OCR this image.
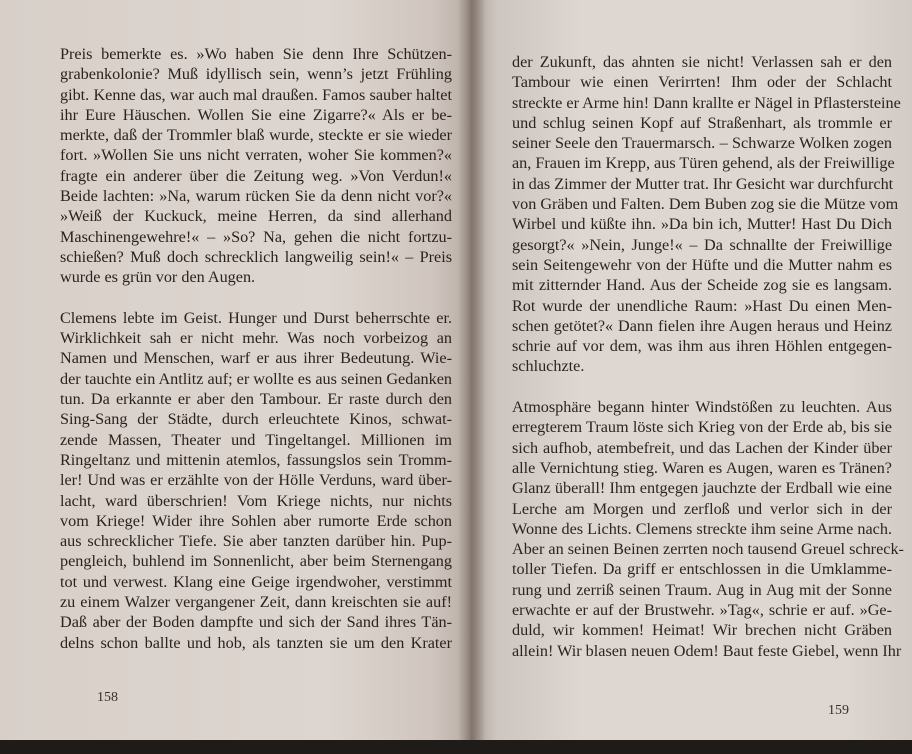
Preis bemerkte es. »Wo haben Sie denn Ihre Schützen-
grabenkolonie? Muß idyllisch sein, wenn’s jetzt Frühling
gibt. Kenne das, war auch mal draußen. Famos sauber haltet
ihr Eure Häuschen. Wollen Sie eine Zigarre?« Als er be-
merkte, daß der Trommler blaß wurde, steckte er sie wieder
fort. »Wollen Sie uns nicht verraten, woher Sie kommen?«
fragte ein anderer über die Zeitung weg. »Von Verdun!«
Beide lachten: »Na, warum rücken Sie da denn nicht vor?«
»Weiß der Kuckuck, meine Herren, da sind allerhand
Maschinengewehre!« – »So? Na, gehen die nicht fortzu-
schießen? Muß doch schrecklich langweilig sein!« – Preis
wurde es grün vor den Augen.
Clemens lebte im Geist. Hunger und Durst beherrschte er.
Wirklichkeit sah er nicht mehr. Was noch vorbeizog an
Namen und Menschen, warf er aus ihrer Bedeutung. Wie-
der tauchte ein Antlitz auf; er wollte es aus seinen Gedanken
tun. Da erkannte er aber den Tambour. Er raste durch den
Sing-Sang der Städte, durch erleuchtete Kinos, schwat-
zende Massen, Theater und Tingeltangel. Millionen im
Ringeltanz und mittenin atemlos, fassungslos sein Tromm-
ler! Und was er erzählte von der Hölle Verduns, ward über-
lacht, ward überschrien! Vom Kriege nichts, nur nichts
vom Kriege! Wider ihre Sohlen aber rumorte Erde schon
aus schrecklicher Tiefe. Sie aber tanzten darüber hin. Pup-
pengleich, buhlend im Sonnenlicht, aber beim Sternengang
tot und verwest. Klang eine Geige irgendwoher, verstimmt
zu einem Walzer vergangener Zeit, dann kreischten sie auf!
Daß aber der Boden dampfte und sich der Sand ihres Tän-
delns schon ballte und hob, als tanzten sie um den Krater
158
der Zukunft, das ahnten sie nicht! Verlassen sah er den
Tambour wie einen Verirrten! Ihm oder der Schlacht
streckte er Arme hin! Dann krallte er Nägel in Pflastersteine
und schlug seinen Kopf auf Straßenhart, als trommle er
seiner Seele den Trauermarsch. – Schwarze Wolken zogen
an, Frauen im Krepp, aus Türen gehend, als der Freiwillige
in das Zimmer der Mutter trat. Ihr Gesicht war durchfurcht
von Gräben und Falten. Dem Buben zog sie die Mütze vom
Wirbel und küßte ihn. »Da bin ich, Mutter! Hast Du Dich
gesorgt?« »Nein, Junge!« – Da schnallte der Freiwillige
sein Seitengewehr von der Hüfte und die Mutter nahm es
mit zitternder Hand. Aus der Scheide zog sie es langsam.
Rot wurde der unendliche Raum: »Hast Du einen Men-
schen getötet?« Dann fielen ihre Augen heraus und Heinz
schrie auf vor dem, was ihm aus ihren Höhlen entgegen-
schluchzte.
Atmosphäre begann hinter Windstößen zu leuchten. Aus
erregterem Traum löste sich Krieg von der Erde ab, bis sie
sich aufhob, atembefreit, und das Lachen der Kinder über
alle Vernichtung stieg. Waren es Augen, waren es Tränen?
Glanz überall! Ihm entgegen jauchzte der Erdball wie eine
Lerche am Morgen und zerfloß und verlor sich in der
Wonne des Lichts. Clemens streckte ihm seine Arme nach.
Aber an seinen Beinen zerrten noch tausend Greuel schreck-
toller Tiefen. Da griff er entschlossen in die Umklamme-
rung und zerriß seinen Traum. Aug in Aug mit der Sonne
erwachte er auf der Brustwehr. »Tag«, schrie er auf. »Ge-
duld, wir kommen! Heimat! Wir brechen nicht Gräben
allein! Wir blasen neuen Odem! Baut feste Giebel, wenn Ihr
159
